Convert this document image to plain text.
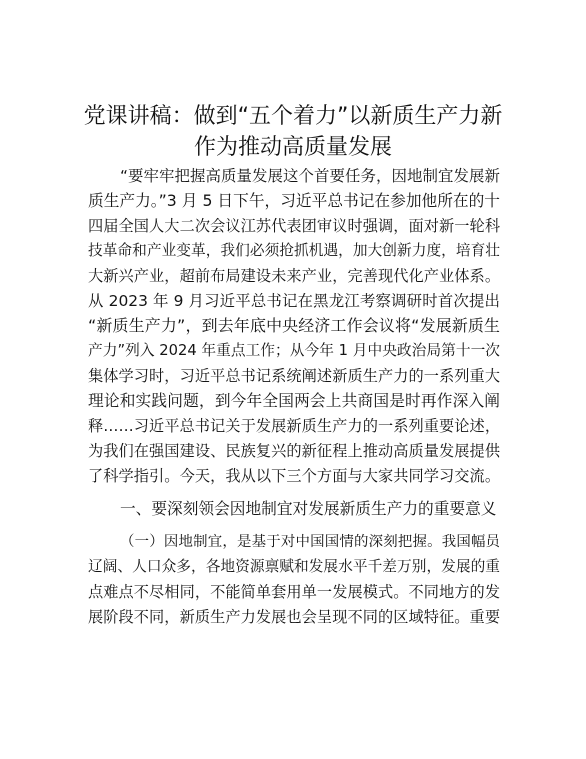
党课讲稿：做到“五个着力”以新质生产力新
作为推动高质量发展
“要牢牢把握高质量发展这个首要任务，因地制宜发展新
质生产力。”3 月 5 日下午，习近平总书记在参加他所在的十
四届全国人大二次会议江苏代表团审议时强调，面对新一轮科
技革命和产业变革，我们必须抢抓机遇，加大创新力度，培育壮
大新兴产业，超前布局建设未来产业，完善现代化产业体系。
从 2023 年 9 月习近平总书记在黑龙江考察调研时首次提出
“新质生产力”，到去年底中央经济工作会议将“发展新质生
产力”列入 2024 年重点工作；从今年 1 月中央政治局第十一次
集体学习时，习近平总书记系统阐述新质生产力的一系列重大
理论和实践问题，到今年全国两会上共商国是时再作深入阐
释……习近平总书记关于发展新质生产力的一系列重要论述，
为我们在强国建设、民族复兴的新征程上推动高质量发展提供
了科学指引。今天，我从以下三个方面与大家共同学习交流。
一、要深刻领会因地制宜对发展新质生产力的重要意义
（一）因地制宜，是基于对中国国情的深刻把握。我国幅员
辽阔、人口众多，各地资源禀赋和发展水平千差万别，发展的重
点难点不尽相同，不能简单套用单一发展模式。不同地方的发
展阶段不同，新质生产力发展也会呈现不同的区域特征。重要
